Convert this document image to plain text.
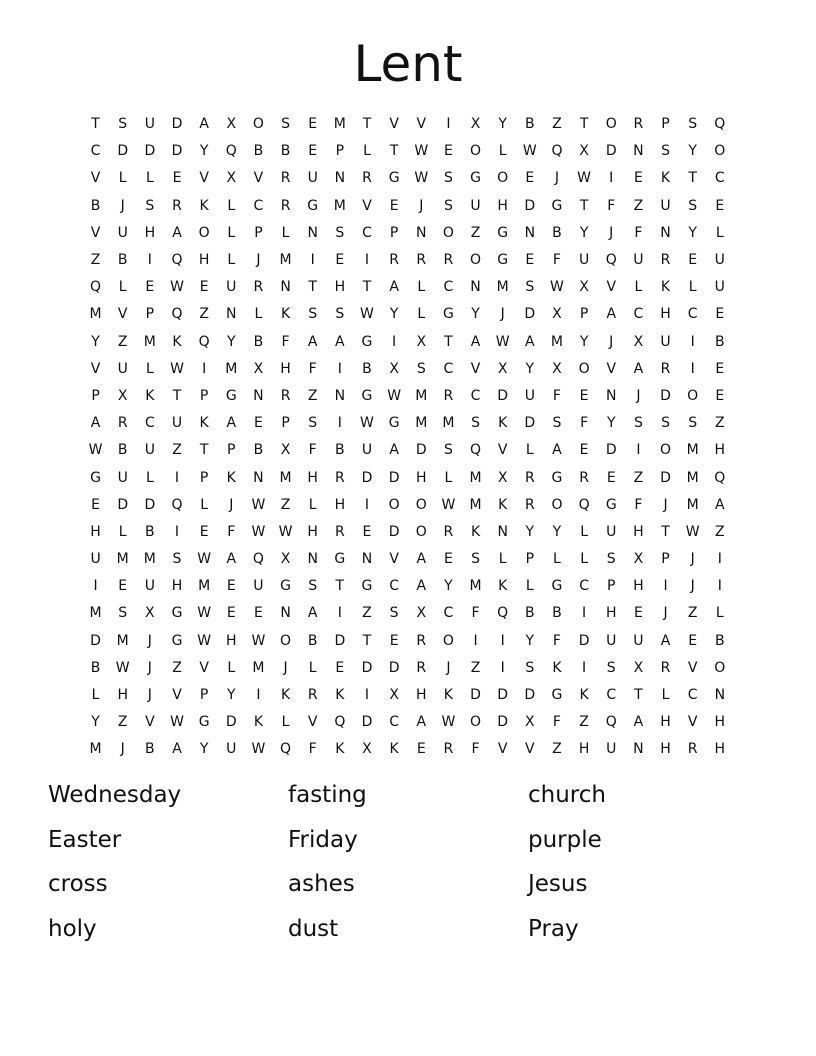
Lent
T	S	U	D	A	X	O	S	E	M	T	V	V	I	X	Y	B	Z	T	O	R	P	S	Q
C	D	D	D	Y	Q	B	B	E	P	L	T	W	E	O	L	W	Q	X	D	N	S	Y	O
V	L	L	E	V	X	V	R	U	N	R	G	W	S	G	O	E	J	W	I	E	K	T	C
B	J	S	R	K	L	C	R	G	M	V	E	J	S	U	H	D	G	T	F	Z	U	S	E
V	U	H	A	O	L	P	L	N	S	C	P	N	O	Z	G	N	B	Y	J	F	N	Y	L
Z	B	I	Q	H	L	J	M	I	E	I	R	R	R	O	G	E	F	U	Q	U	R	E	U
Q	L	E	W	E	U	R	N	T	H	T	A	L	C	N	M	S	W	X	V	L	K	L	U
M	V	P	Q	Z	N	L	K	S	S	W	Y	L	G	Y	J	D	X	P	A	C	H	C	E
Y	Z	M	K	Q	Y	B	F	A	A	G	I	X	T	A	W	A	M	Y	J	X	U	I	B
V	U	L	W	I	M	X	H	F	I	B	X	S	C	V	X	Y	X	O	V	A	R	I	E
P	X	K	T	P	G	N	R	Z	N	G	W	M	R	C	D	U	F	E	N	J	D	O	E
A	R	C	U	K	A	E	P	S	I	W	G	M	M	S	K	D	S	F	Y	S	S	S	Z
W	B	U	Z	T	P	B	X	F	B	U	A	D	S	Q	V	L	A	E	D	I	O	M	H
G	U	L	I	P	K	N	M	H	R	D	D	H	L	M	X	R	G	R	E	Z	D	M	Q
E	D	D	Q	L	J	W	Z	L	H	I	O	O	W	M	K	R	O	Q	G	F	J	M	A
H	L	B	I	E	F	W W	H	R	E	D	O	R	K	N	Y	Y	L	U	H	T	W	Z
U	M	M	S	W	A	Q	X	N	G	N	V	A	E	S	L	P	L	L	S	X	P	J	I
I	E	U	H	M	E	U	G	S	T	G	C	A	Y	M	K	L	G	C	P	H	I	J	I
M	S	X	G	W	E	E	N	A	I	Z	S	X	C	F	Q	B	B	I	H	E	J	Z	L
D	M	J	G	W	H	W	O	B	D	T	E	R	O	I	I	Y	F	D	U	U	A	E	B
B	W	J	Z	V	L	M	J	L	E	D	D	R	J	Z	I	S	K	I	S	X	R	V	O
L	H	J	V	P	Y	I	K	R	K	I	X	H	K	D	D	D	G	K	C	T	L	C	N
Y	Z	V	W	G	D	K	L	V	Q	D	C	A	W	O	D	X	F	Z	Q	A	H	V	H
M	J	B	A	Y	U	W	Q	F	K	X	K	E	R	F	V	V	Z	H	U	N	H	R	H
Wednesday	fasting	church
Easter	Friday	purple
cross	ashes	Jesus
holy	dust	Pray
